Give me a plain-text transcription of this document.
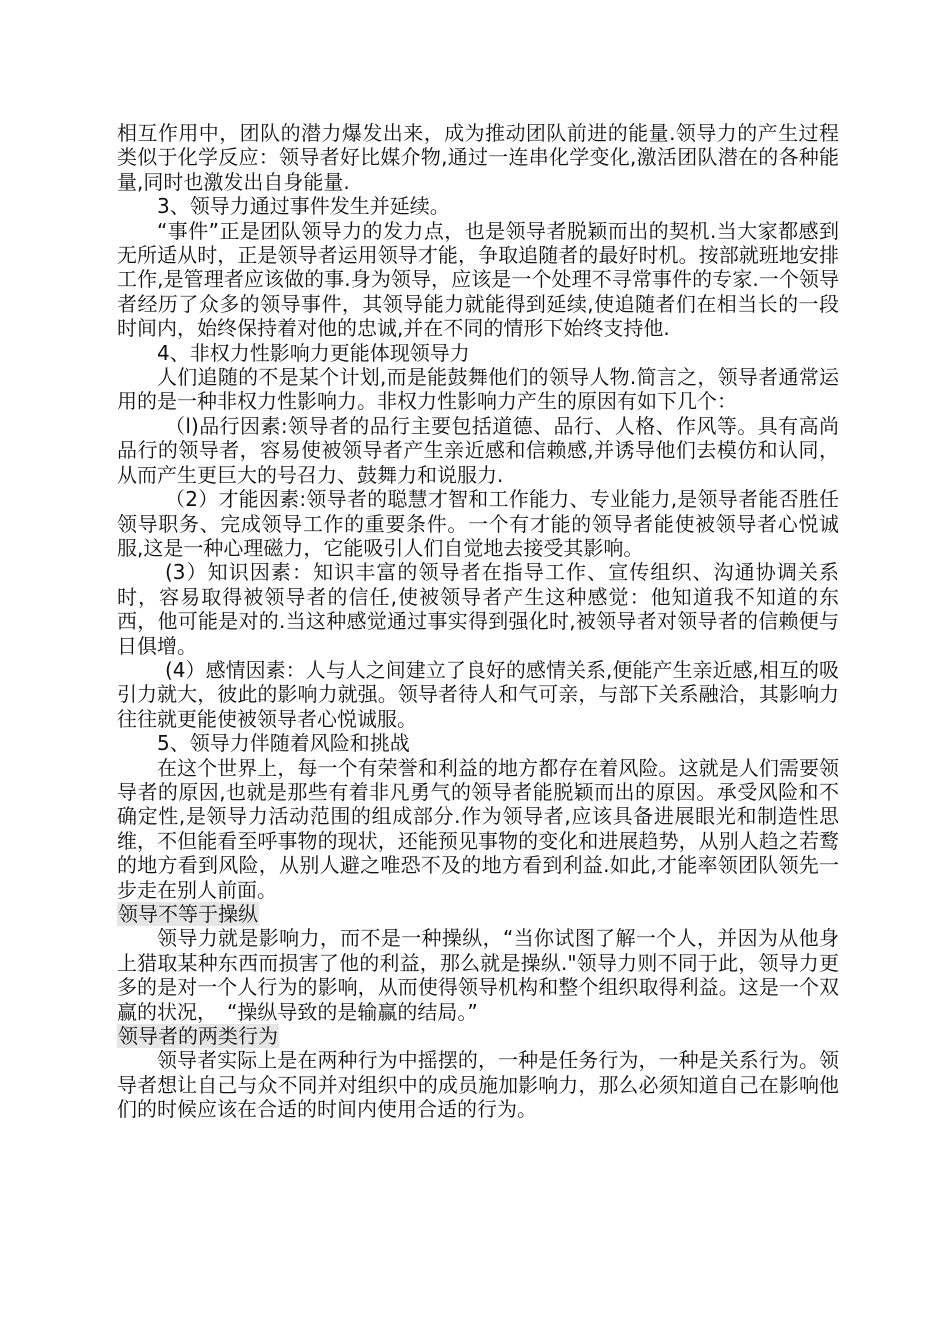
相互作用中，团队的潜力爆发出来，成为推动团队前进的能量.领导力的产生过程类似于化学反应：领导者好比媒介物,通过一连串化学变化,激活团队潜在的各种能量,同时也激发出自身能量.

3、领导力通过事件发生并延续。

“事件”正是团队领导力的发力点，也是领导者脱颖而出的契机.当大家都感到无所适从时，正是领导者运用领导才能，争取追随者的最好时机。按部就班地安排工作,是管理者应该做的事.身为领导，应该是一个处理不寻常事件的专家.一个领导者经历了众多的领导事件，其领导能力就能得到延续,使追随者们在相当长的一段时间内，始终保持着对他的忠诚,并在不同的情形下始终支持他.

4、非权力性影响力更能体现领导力

人们追随的不是某个计划,而是能鼓舞他们的领导人物.简言之，领导者通常运用的是一种非权力性影响力。非权力性影响力产生的原因有如下几个：

（l)品行因素:领导者的品行主要包括道德、品行、人格、作风等。具有高尚品行的领导者，容易使被领导者产生亲近感和信赖感,并诱导他们去模仿和认同，从而产生更巨大的号召力、鼓舞力和说服力.

（2）才能因素:领导者的聪慧才智和工作能力、专业能力,是领导者能否胜任领导职务、完成领导工作的重要条件。一个有才能的领导者能使被领导者心悦诚服,这是一种心理磁力，它能吸引人们自觉地去接受其影响。

(3）知识因素：知识丰富的领导者在指导工作、宣传组织、沟通协调关系时，容易取得被领导者的信任,使被领导者产生这种感觉：他知道我不知道的东西，他可能是对的.当这种感觉通过事实得到强化时,被领导者对领导者的信赖便与日俱增。

(4）感情因素：人与人之间建立了良好的感情关系,便能产生亲近感,相互的吸引力就大，彼此的影响力就强。领导者待人和气可亲，与部下关系融洽，其影响力往往就更能使被领导者心悦诚服。

5、领导力伴随着风险和挑战

在这个世界上，每一个有荣誉和利益的地方都存在着风险。这就是人们需要领导者的原因,也就是那些有着非凡勇气的领导者能脱颖而出的原因。承受风险和不确定性,是领导力活动范围的组成部分.作为领导者,应该具备进展眼光和制造性思维，不但能看至呼事物的现状，还能预见事物的变化和进展趋势，从别人趋之若鹜的地方看到风险，从别人避之唯恐不及的地方看到利益.如此,才能率领团队领先一步走在别人前面。

领导不等于操纵

领导力就是影响力，而不是一种操纵，“当你试图了解一个人，并因为从他身上猎取某种东西而损害了他的利益，那么就是操纵."领导力则不同于此，领导力更多的是对一个人行为的影响，从而使得领导机构和整个组织取得利益。这是一个双赢的状况，　“操纵导致的是输赢的结局。”

领导者的两类行为

领导者实际上是在两种行为中摇摆的，一种是任务行为，一种是关系行为。领导者想让自己与众不同并对组织中的成员施加影响力，那么必须知道自己在影响他们的时候应该在合适的时间内使用合适的行为。
